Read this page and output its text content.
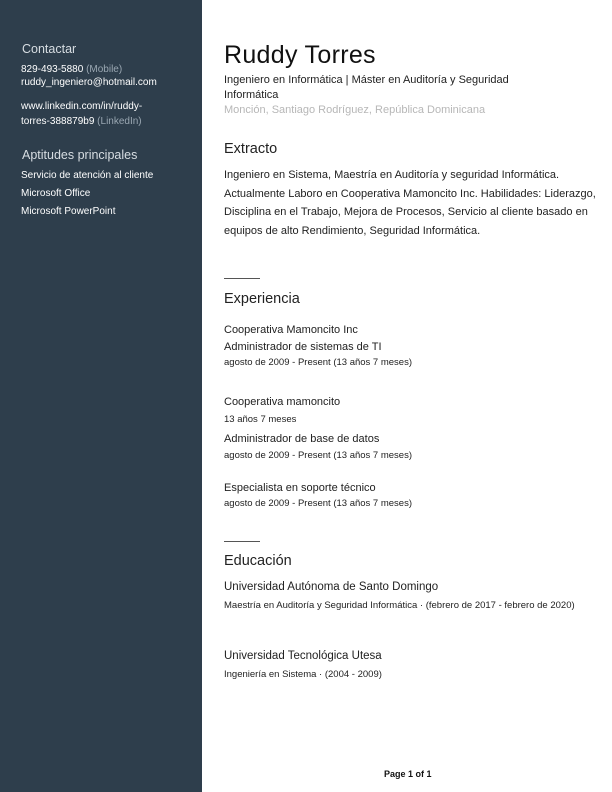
Contactar
829-493-5880 (Mobile)
ruddy_ingeniero@hotmail.com
www.linkedin.com/in/ruddy-
torres-388879b9 (LinkedIn)
Aptitudes principales
Servicio de atención al cliente
Microsoft Office
Microsoft PowerPoint
Ruddy Torres
Ingeniero en Informática | Máster en Auditoría y Seguridad Informática
Monción, Santiago Rodríguez, República Dominicana
Extracto
Ingeniero en Sistema, Maestría en Auditoría y seguridad Informática. Actualmente Laboro en Cooperativa Mamoncito Inc. Habilidades: Liderazgo, Disciplina en el Trabajo, Mejora de Procesos, Servicio al cliente basado en equipos de alto Rendimiento, Seguridad Informática.
Experiencia
Cooperativa Mamoncito Inc
Administrador de sistemas de TI
agosto de 2009 - Present (13 años 7 meses)
Cooperativa mamoncito
13 años 7 meses
Administrador de base de datos
agosto de 2009 - Present (13 años 7 meses)
Especialista en soporte técnico
agosto de 2009 - Present (13 años 7 meses)
Educación
Universidad Autónoma de Santo Domingo
Maestría en Auditoría y Seguridad Informática · (febrero de 2017 - febrero de 2020)
Universidad Tecnológica Utesa
Ingeniería en Sistema · (2004 - 2009)
Page 1 of 1
